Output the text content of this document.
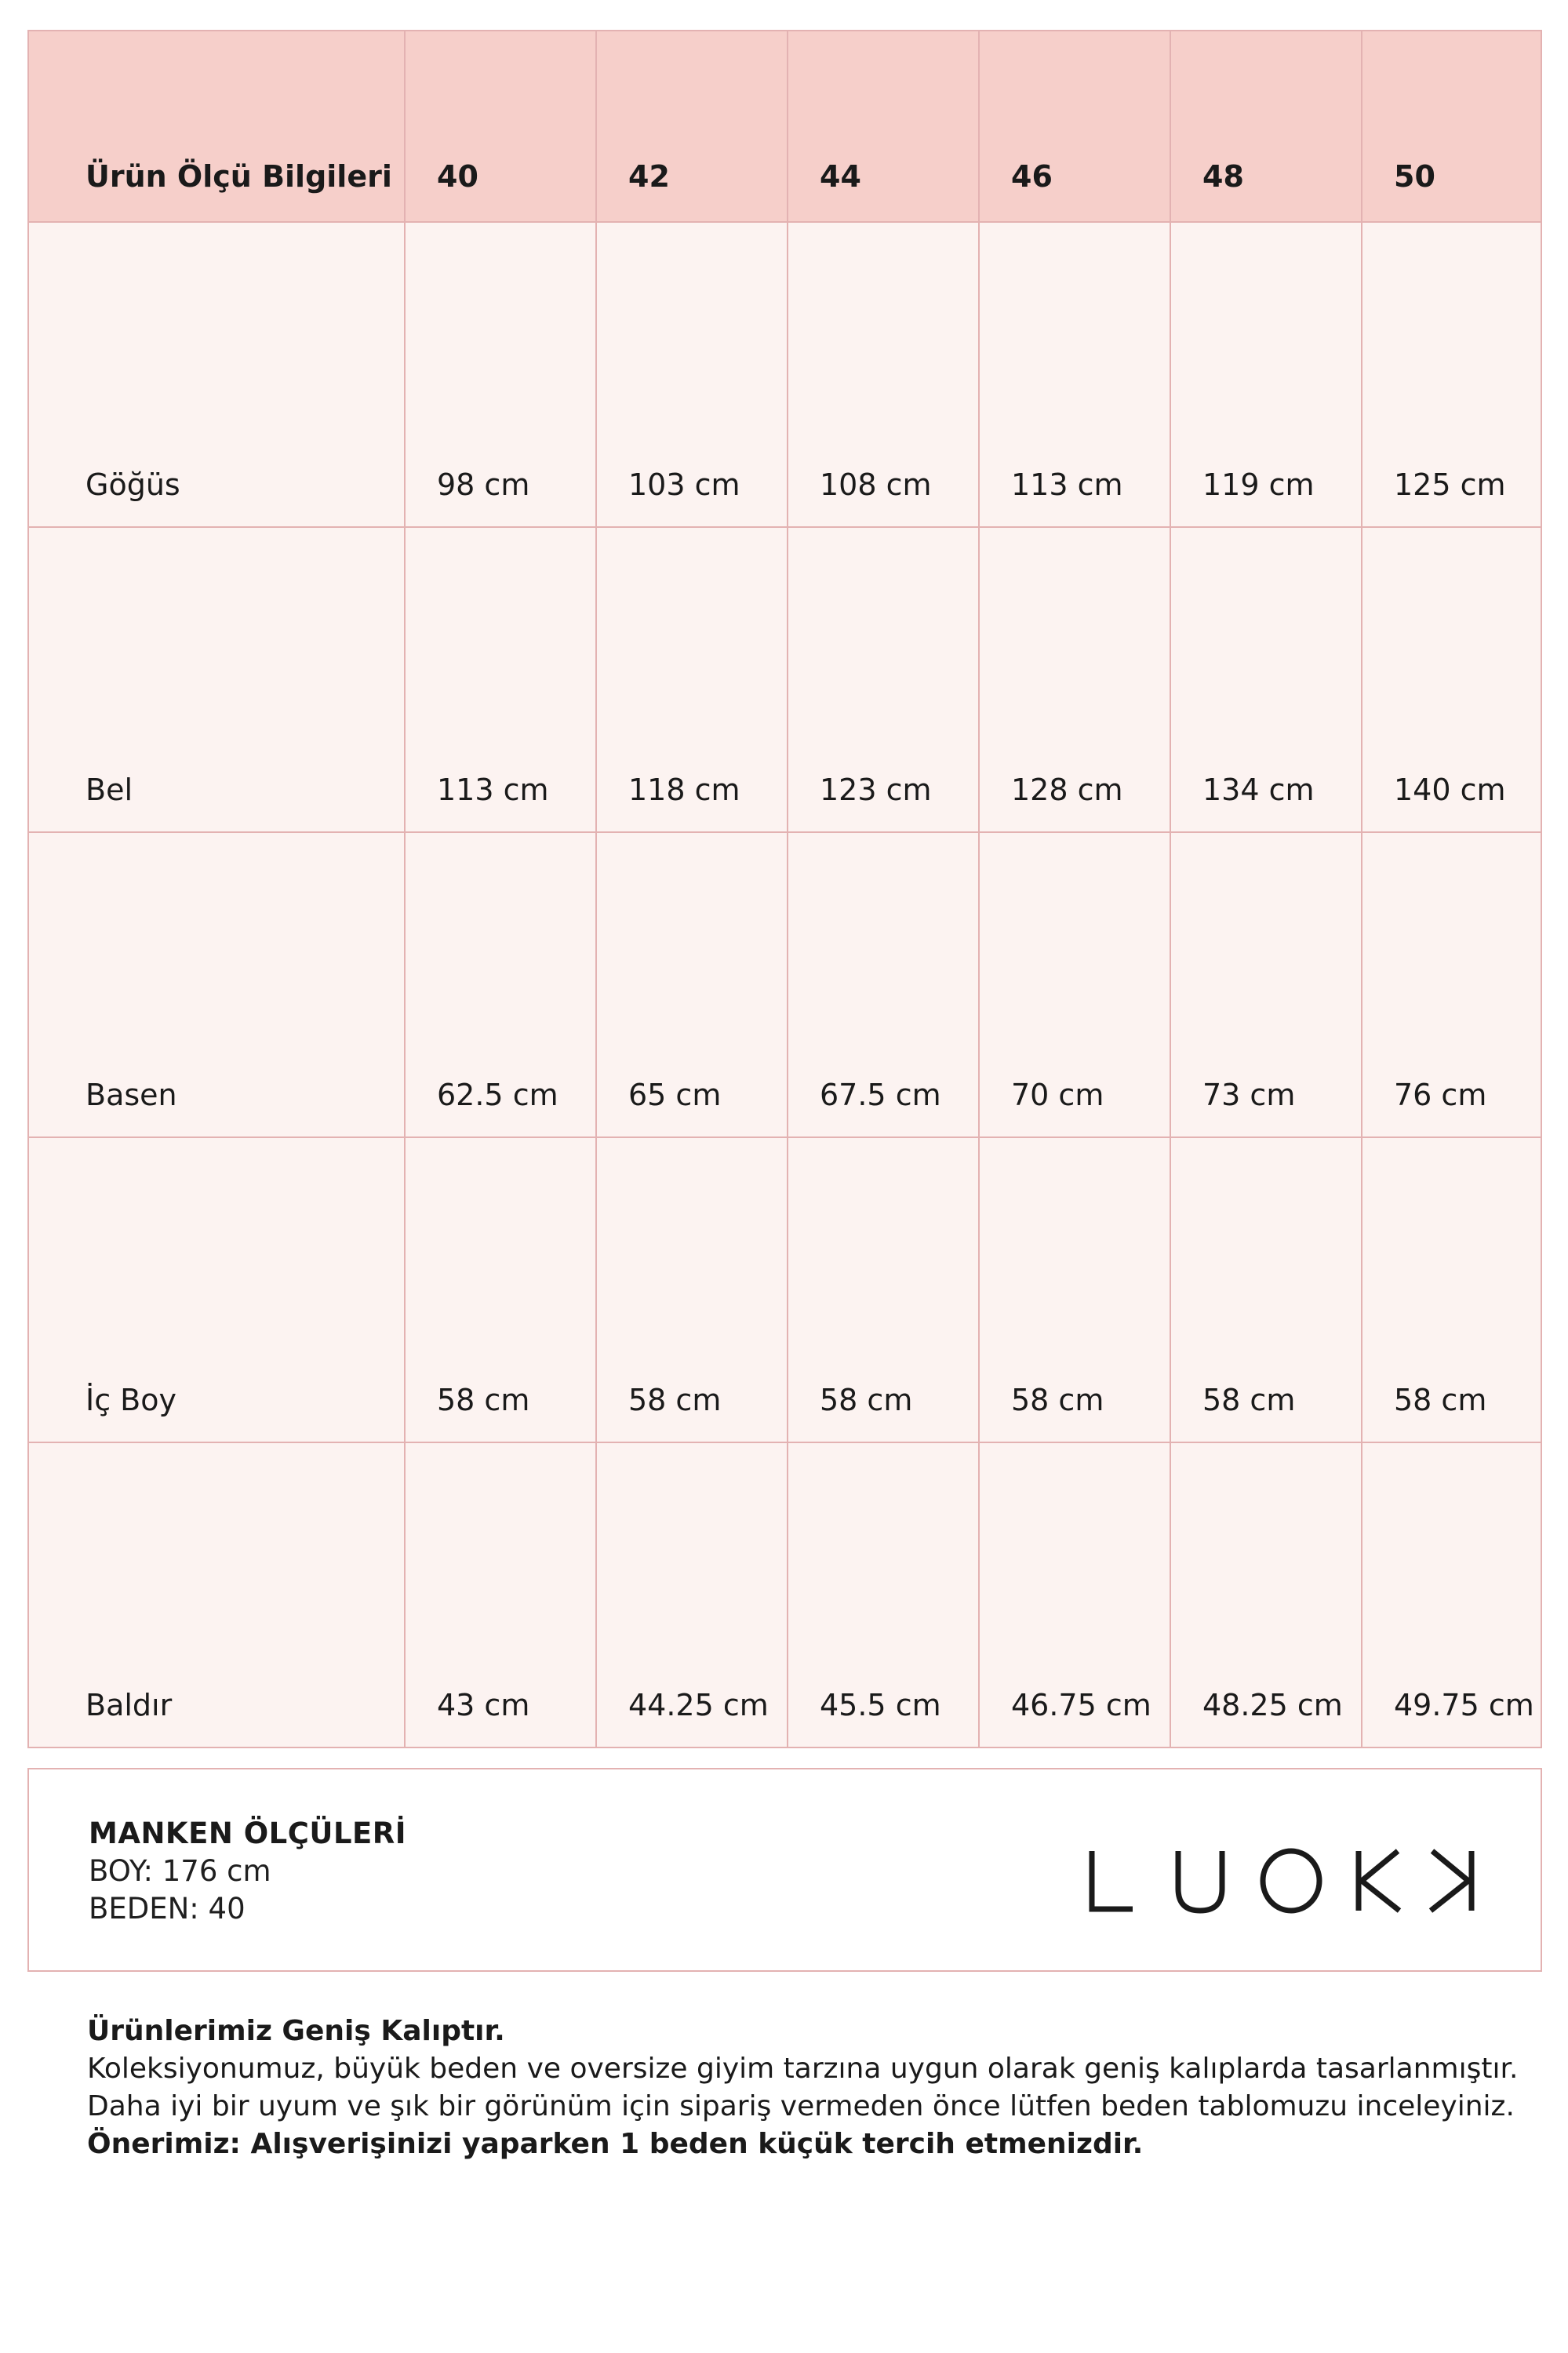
Ürün Ölçü Bilgileri	40	42	44	46	48	50
Göğüs	98 cm	103 cm	108 cm	113 cm	119 cm	125 cm
Bel	113 cm	118 cm	123 cm	128 cm	134 cm	140 cm
Basen	62.5 cm	65 cm	67.5 cm	70 cm	73 cm	76 cm
İç Boy	58 cm	58 cm	58 cm	58 cm	58 cm	58 cm
Baldır	43 cm	44.25 cm	45.5 cm	46.75 cm	48.25 cm	49.75 cm
MANKEN ÖLÇÜLERİ
BOY: 176 cm
BEDEN: 40
Ürünlerimiz Geniş Kalıptır.
Koleksiyonumuz, büyük beden ve oversize giyim tarzına uygun olarak geniş kalıplarda tasarlanmıştır.
Daha iyi bir uyum ve şık bir görünüm için sipariş vermeden önce lütfen beden tablomuzu inceleyiniz.
Önerimiz: Alışverişinizi yaparken 1 beden küçük tercih etmenizdir.
